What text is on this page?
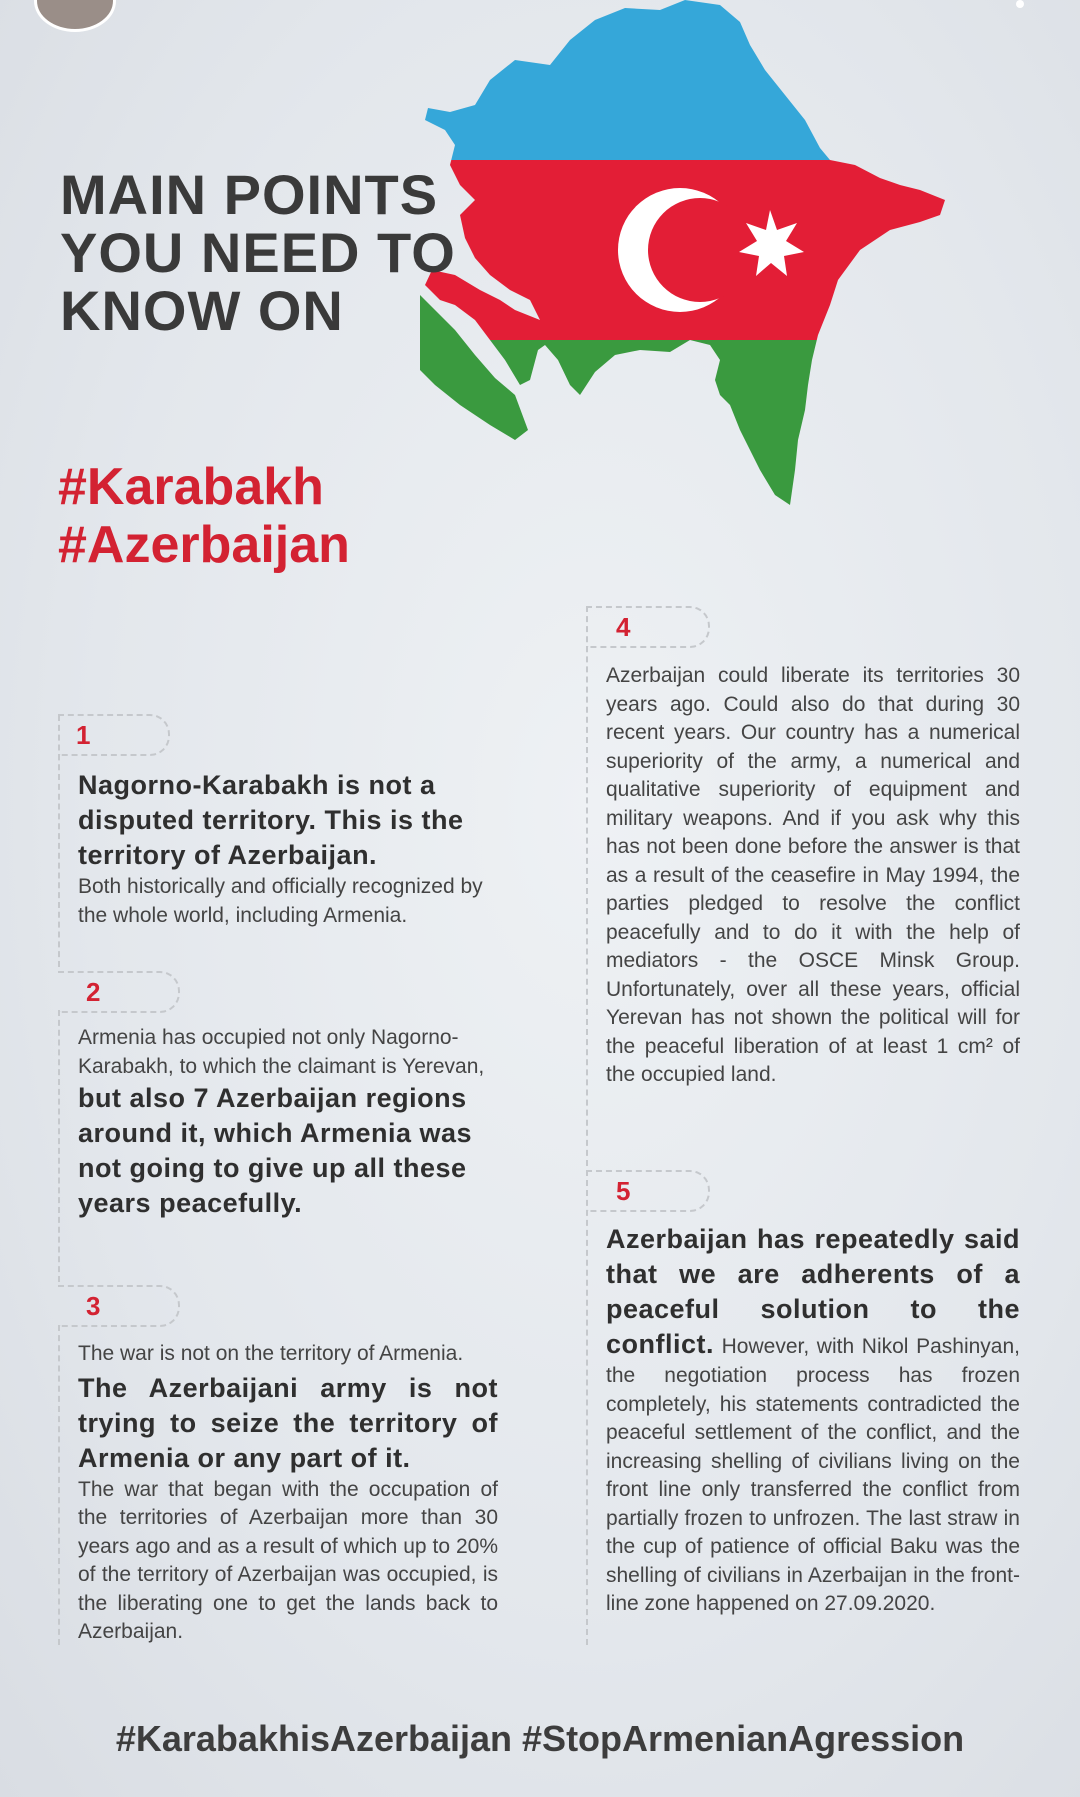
MAIN POINTS
YOU NEED TO
KNOW ON
#Karabakh
#Azerbaijan
1
Nagorno-Karabakh is not a disputed territory. This is the territory of Azerbaijan.
Both historically and officially recognized by the whole world, including Armenia.
2
Armenia has occupied not only Nagorno-Karabakh, to which the claimant is Yerevan, but also 7 Azerbaijan regions around it, which Armenia was not going to give up all these years peacefully.
3
The war is not on the territory of Armenia.
The Azerbaijani army is not trying to seize the territory of Armenia or any part of it.
The war that began with the occupation of the territories of Azerbaijan more than 30 years ago and as a result of which up to 20% of the territory of Azerbaijan was occupied, is the liberating one to get the lands back to Azerbaijan.
4
Azerbaijan could liberate its territories 30 years ago. Could also do that during 30 recent years. Our country has a numerical superiority of the army, a numerical and qualitative superiority of equipment and military weapons. And if you ask why this has not been done before the answer is that as a result of the ceasefire in May 1994, the parties pledged to resolve the conflict peacefully and to do it with the help of mediators - the OSCE Minsk Group. Unfortunately, over all these years, official Yerevan has not shown the political will for the peaceful liberation of at least 1 cm² of the occupied land.
5
Azerbaijan has repeatedly said that we are adherents of a peaceful solution to the conflict. However, with Nikol Pashinyan, the negotiation process has frozen completely, his statements contradicted the peaceful settlement of the conflict, and the increasing shelling of civilians living on the front line only transferred the conflict from partially frozen to unfrozen. The last straw in the cup of patience of official Baku was the shelling of civilians in Azerbaijan in the front-line zone happened on 27.09.2020.
#KarabakhisAzerbaijan #StopArmenianAgression
